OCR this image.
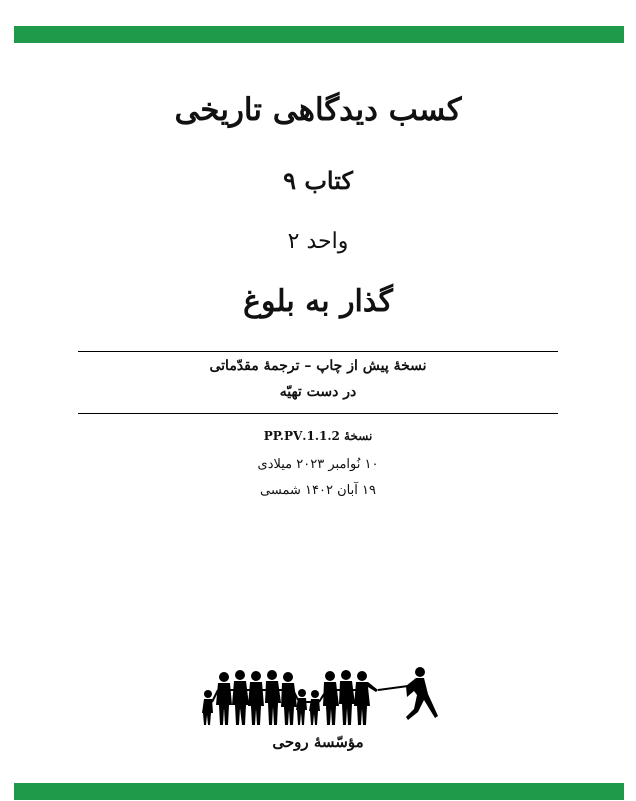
کسب دیدگاهی تاریخی
کتاب ۹
واحد ۲
گذار به بلوغ
نسخهٔ پیش از چاپ – ترجمهٔ مقدّماتی
در دست تهیّه
نسخهٔ 1.1.2.PP.PV
۱۰ نُوامبر ۲۰۲۳ میلادی
۱۹ آبان ۱۴۰۲ شمسی
مؤسّسهٔ روحی
